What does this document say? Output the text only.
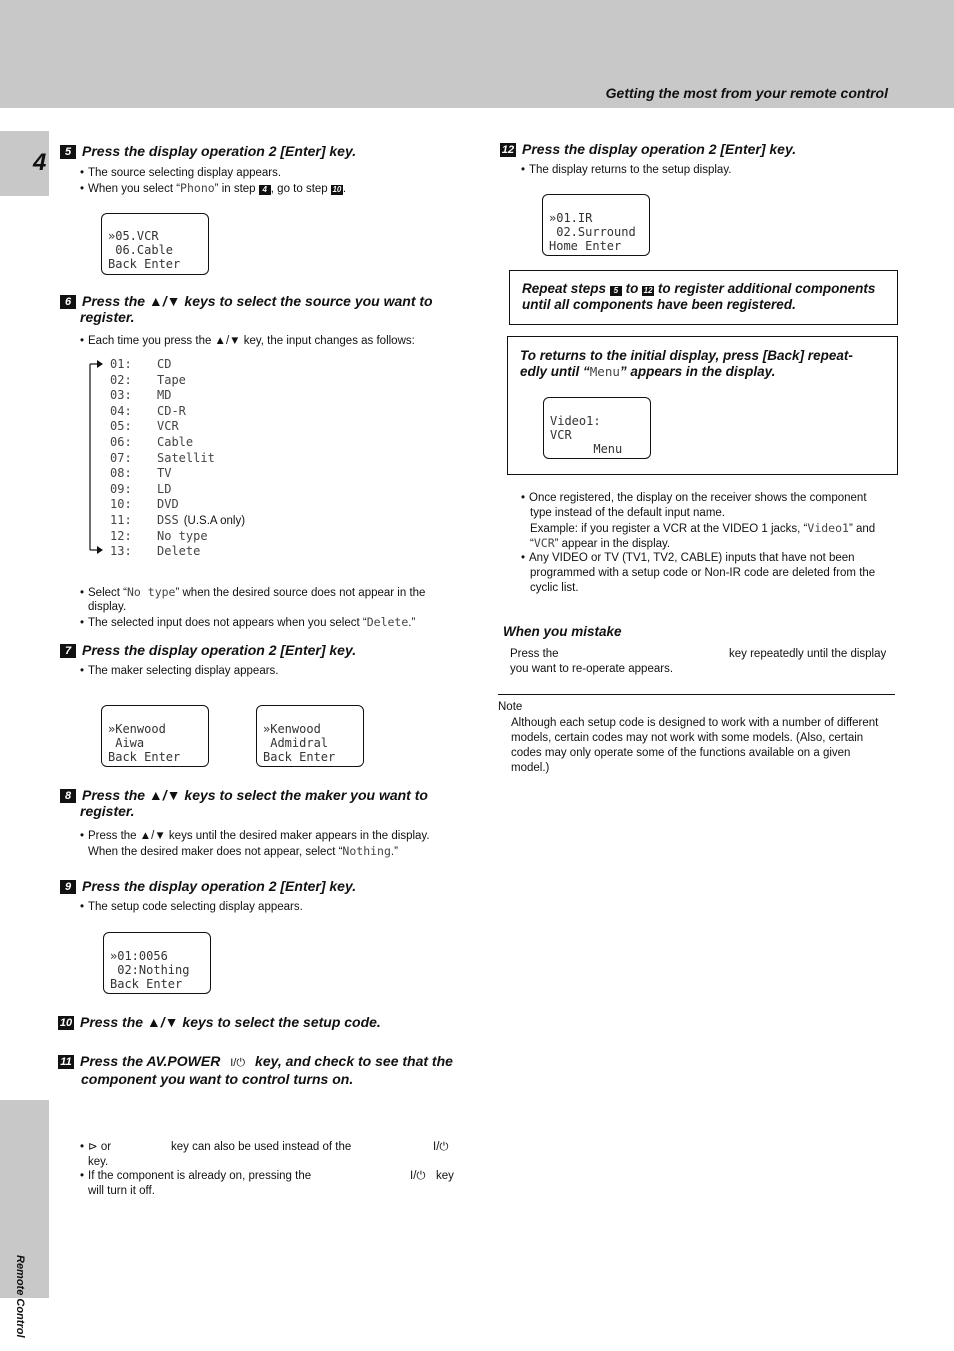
Getting the most from your remote control
4
Remote Control
5 Press the display operation 2 [Enter] key.
• The source selecting display appears.
• When you select “Phono” in step 4 , go to step 10 .
»05.VCR
06.Cable
Back Enter
6 Press the ▲/▼ keys to select the source you want to
register.
• Each time you press the ▲/▼ key, the input changes as follows:
01: CD
02: Tape
03: MD
04: CD-R
05: VCR
06: Cable
07: Satellit
08: TV
09: LD
10: DVD
11: DSS (U.S.A only)
12: No type
13: Delete
• Select “No type” when the desired source does not appear in the
display.
• The selected input does not appears when you select “Delete.”
7 Press the display operation 2 [Enter] key.
• The maker selecting display appears.
»Kenwood
Aiwa
Back Enter
»Kenwood
Admidral
Back Enter
8 Press the ▲/▼ keys to select the maker you want to
register.
• Press the ▲/▼ keys until the desired maker appears in the display.
When the desired maker does not appear, select “Nothing.”
9 Press the display operation 2 [Enter] key.
• The setup code selecting display appears.
»01:0056
02:Nothing
Back Enter
10 Press the ▲/▼ keys to select the setup code.
11 Press the AV.POWER I/⏻ key, and check to see that the
component you want to control turns on.
• ⊳ or	key can also be used instead of the	I/⏻
key.
• If the component is already on, pressing the	I/⏻ key
will turn it off.
12 Press the display operation 2 [Enter] key.
• The display returns to the setup display.
»01.IR
02.Surround
Home Enter
Repeat steps 5 to 12 to register additional components
until all components have been registered.
To returns to the initial display, press [Back] repeat-
edly until “Menu” appears in the display.
Video1:
VCR
Menu
• Once registered, the display on the receiver shows the component
type instead of the default input name.
Example: if you register a VCR at the VIDEO 1 jacks, “Video1” and
“VCR” appear in the display.
• Any VIDEO or TV (TV1, TV2, CABLE) inputs that have not been
programmed with a setup code or Non-IR code are deleted from the
cyclic list.
When you mistake
Press the	key repeatedly until the display
you want to re-operate appears.
Note
Although each setup code is designed to work with a number of different
models, certain codes may not work with some models. (Also, certain
codes may only operate some of the functions available on a given
model.)
